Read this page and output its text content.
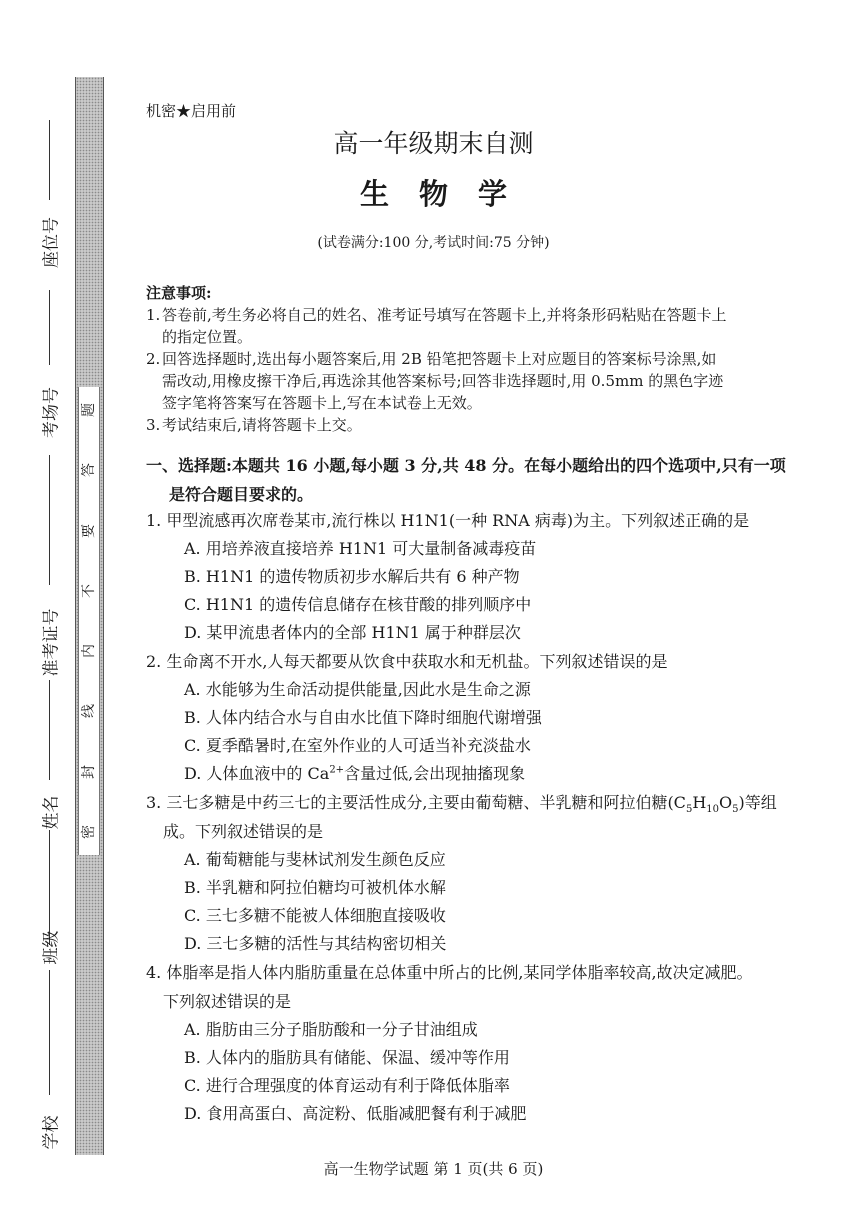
座位号
考场号
准考证号
姓名
班级
学校
题
答
要
不
内
线
封
密
机密★启用前
高一年级期末自测
生物学
(试卷满分:100 分,考试时间:75 分钟)
注意事项:
1. 答卷前,考生务必将自己的姓名、准考证号填写在答题卡上,并将条形码粘贴在答题卡上
的指定位置。
2. 回答选择题时,选出每小题答案后,用 2B 铅笔把答题卡上对应题目的答案标号涂黑,如
需改动,用橡皮擦干净后,再选涂其他答案标号;回答非选择题时,用 0.5mm 的黑色字迹
签字笔将答案写在答题卡上,写在本试卷上无效。
3. 考试结束后,请将答题卡上交。
一、选择题:本题共 16 小题,每小题 3 分,共 48 分。在每小题给出的四个选项中,只有一项
是符合题目要求的。
1. 甲型流感再次席卷某市,流行株以 H1N1(一种 RNA 病毒)为主。下列叙述正确的是
A. 用培养液直接培养 H1N1 可大量制备减毒疫苗
B. H1N1 的遗传物质初步水解后共有 6 种产物
C. H1N1 的遗传信息储存在核苷酸的排列顺序中
D. 某甲流患者体内的全部 H1N1 属于种群层次
2. 生命离不开水,人每天都要从饮食中获取水和无机盐。下列叙述错误的是
A. 水能够为生命活动提供能量,因此水是生命之源
B. 人体内结合水与自由水比值下降时细胞代谢增强
C. 夏季酷暑时,在室外作业的人可适当补充淡盐水
D. 人体血液中的 $Ca^{2+}$含量过低,会出现抽搐现象
3. 三七多糖是中药三七的主要活性成分,主要由葡萄糖、半乳糖和阿拉伯糖$(C_5H_{10}O_5)$等组
成。下列叙述错误的是
A. 葡萄糖能与斐林试剂发生颜色反应
B. 半乳糖和阿拉伯糖均可被机体水解
C. 三七多糖不能被人体细胞直接吸收
D. 三七多糖的活性与其结构密切相关
4. 体脂率是指人体内脂肪重量在总体重中所占的比例,某同学体脂率较高,故决定减肥。
下列叙述错误的是
A. 脂肪由三分子脂肪酸和一分子甘油组成
B. 人体内的脂肪具有储能、保温、缓冲等作用
C. 进行合理强度的体育运动有利于降低体脂率
D. 食用高蛋白、高淀粉、低脂减肥餐有利于减肥
高一生物学试题 第 1 页(共 6 页)
